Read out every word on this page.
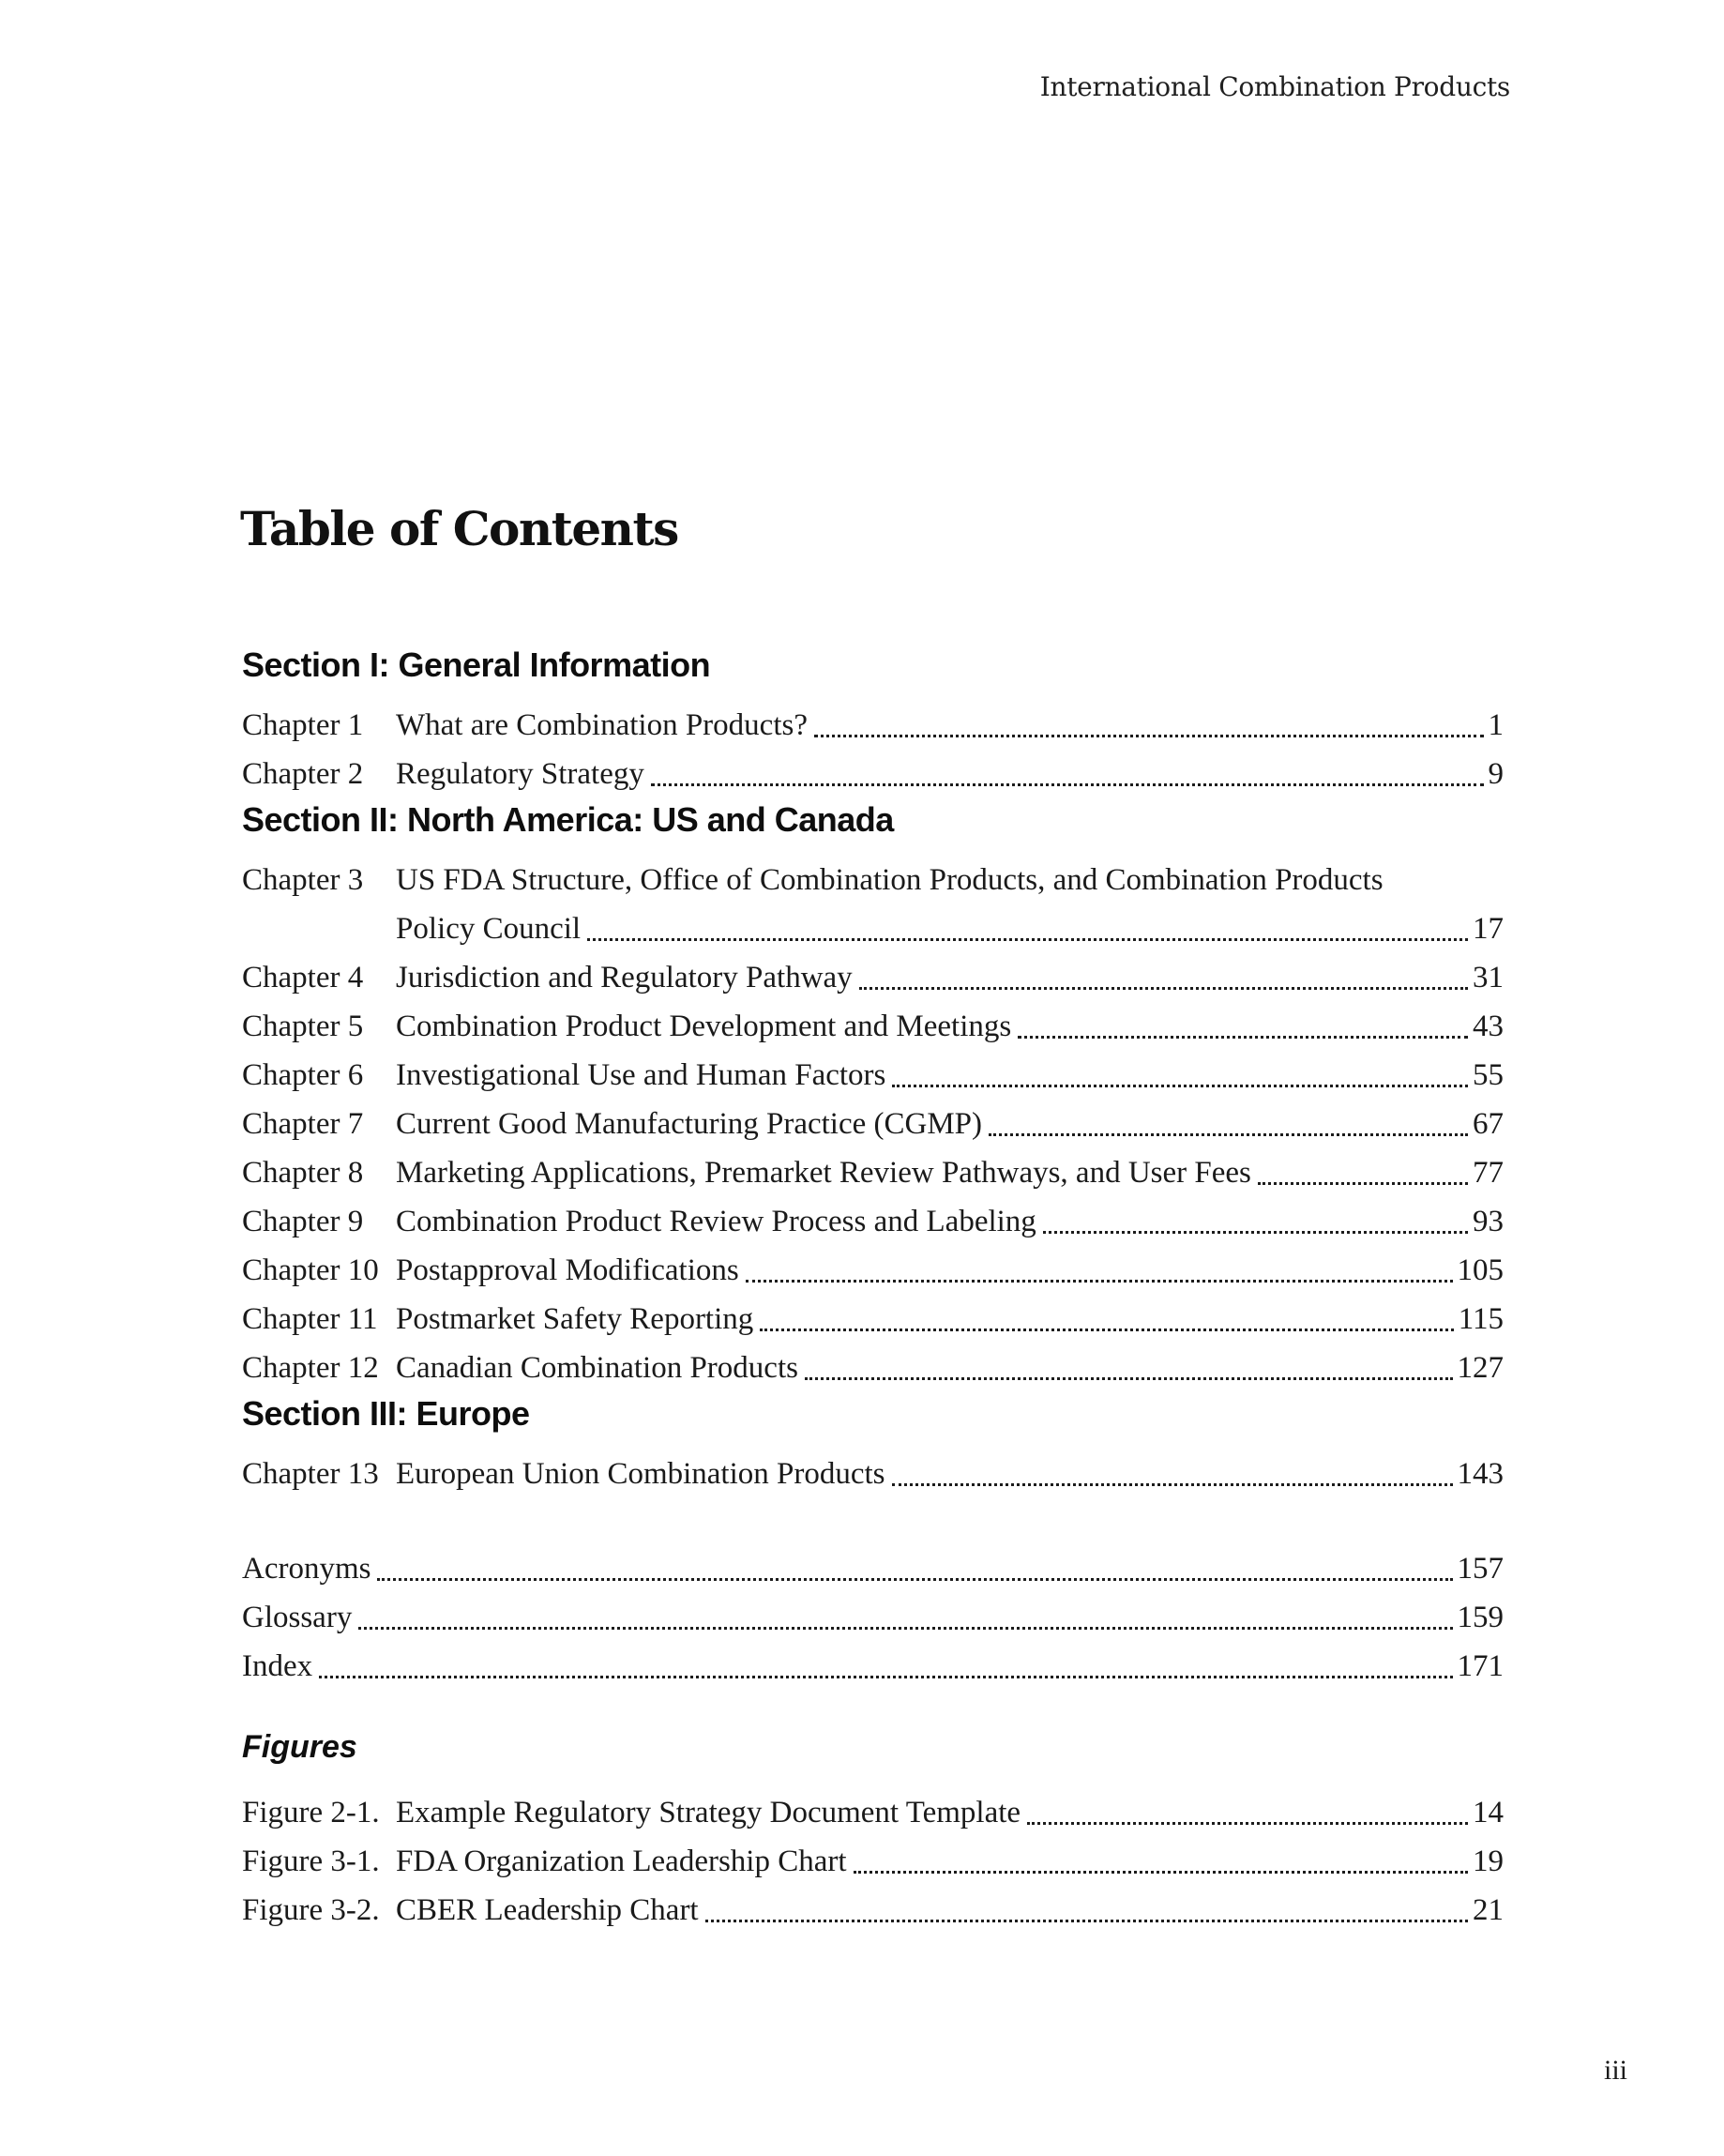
International Combination Products
Table of Contents
Section I: General Information
Chapter 1	What are Combination Products?	1
Chapter 2	Regulatory Strategy	9
Section II: North America: US and Canada
Chapter 3	US FDA Structure, Office of Combination Products, and Combination Products
Policy Council	17
Chapter 4	Jurisdiction and Regulatory Pathway	31
Chapter 5	Combination Product Development and Meetings	43
Chapter 6	Investigational Use and Human Factors	55
Chapter 7	Current Good Manufacturing Practice (CGMP)	67
Chapter 8	Marketing Applications, Premarket Review Pathways, and User Fees	77
Chapter 9	Combination Product Review Process and Labeling	93
Chapter 10 Postapproval Modifications	105
Chapter 11 Postmarket Safety Reporting	115
Chapter 12 Canadian Combination Products	127
Section III: Europe
Chapter 13 European Union Combination Products	143
Acronyms	157
Glossary	159
Index	171
Figures
Figure 2-1. Example Regulatory Strategy Document Template	14
Figure 3-1. FDA Organization Leadership Chart	19
Figure 3-2. CBER Leadership Chart	21
iii
